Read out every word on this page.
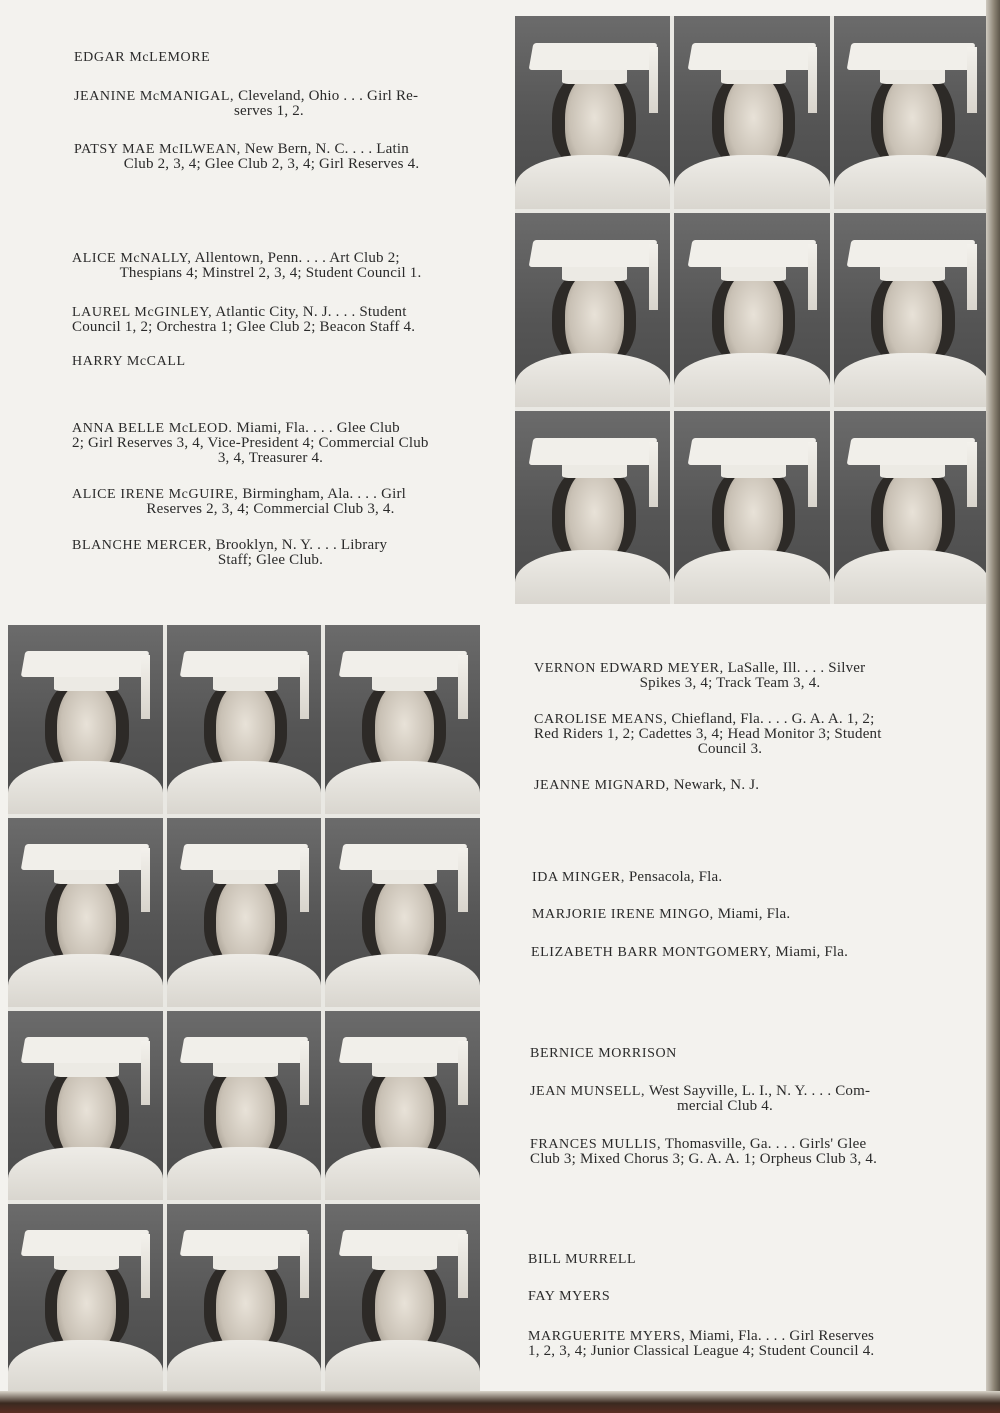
EDGAR McLEMORE
JEANINE McMANIGAL, Cleveland, Ohio . . . Girl Re-
serves 1, 2.
PATSY MAE McILWEAN, New Bern, N. C. . . . Latin
Club 2, 3, 4; Glee Club 2, 3, 4; Girl Reserves 4.
ALICE McNALLY, Allentown, Penn. . . . Art Club 2;
Thespians 4; Minstrel 2, 3, 4; Student Council 1.
LAUREL McGINLEY, Atlantic City, N. J. . . . Student
Council 1, 2; Orchestra 1; Glee Club 2; Beacon Staff 4.
HARRY McCALL
ANNA BELLE McLEOD. Miami, Fla. . . . Glee Club
2; Girl Reserves 3, 4, Vice-President 4; Commercial Club
3, 4, Treasurer 4.
ALICE IRENE McGUIRE, Birmingham, Ala. . . . Girl
Reserves 2, 3, 4; Commercial Club 3, 4.
BLANCHE MERCER, Brooklyn, N. Y. . . . Library
Staff; Glee Club.
VERNON EDWARD MEYER, LaSalle, Ill. . . . Silver
Spikes 3, 4; Track Team 3, 4.
CAROLISE MEANS, Chiefland, Fla. . . . G. A. A. 1, 2;
Red Riders 1, 2; Cadettes 3, 4; Head Monitor 3; Student
Council 3.
JEANNE MIGNARD, Newark, N. J.
IDA MINGER, Pensacola, Fla.
MARJORIE IRENE MINGO, Miami, Fla.
ELIZABETH BARR MONTGOMERY, Miami, Fla.
BERNICE MORRISON
JEAN MUNSELL, West Sayville, L. I., N. Y. . . . Com-
mercial Club 4.
FRANCES MULLIS, Thomasville, Ga. . . . Girls' Glee
Club 3; Mixed Chorus 3; G. A. A. 1; Orpheus Club 3, 4.
BILL MURRELL
FAY MYERS
MARGUERITE MYERS, Miami, Fla. . . . Girl Reserves
1, 2, 3, 4; Junior Classical League 4; Student Council 4.
